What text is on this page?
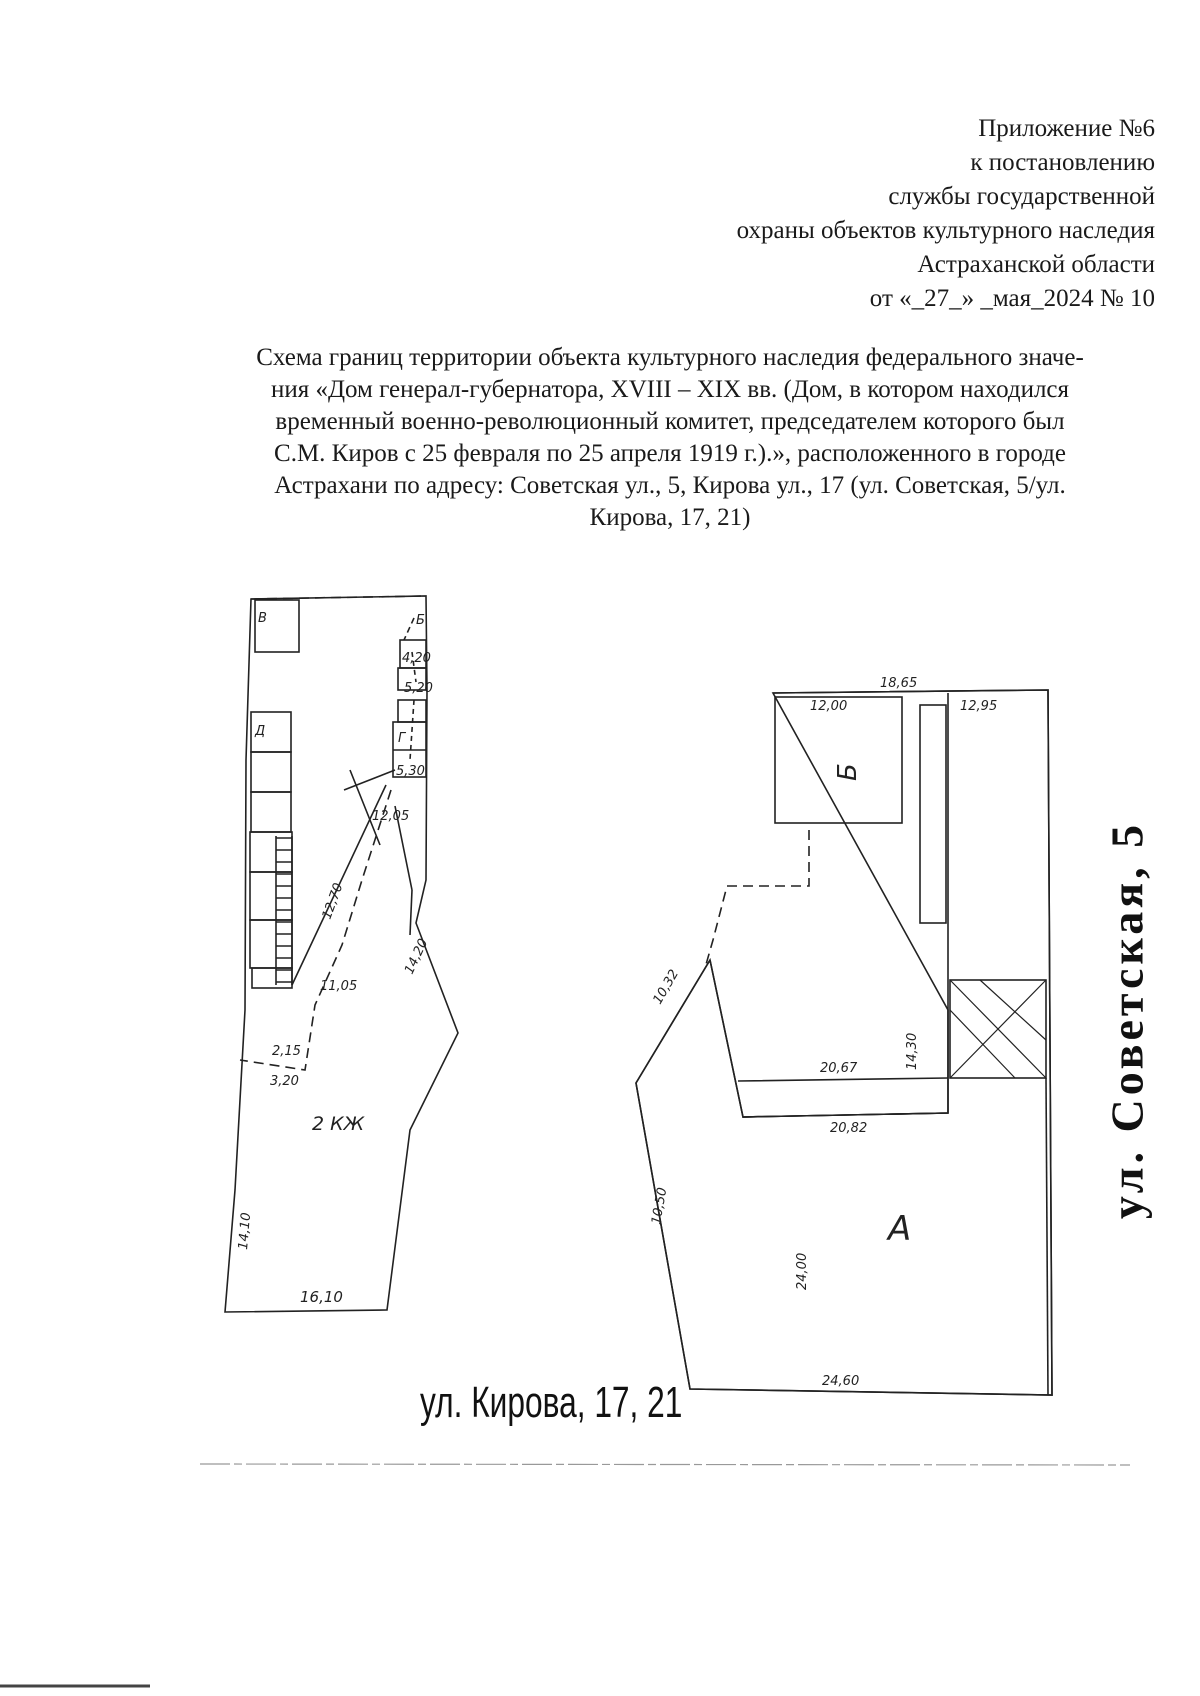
Приложение №6
к постановлению
службы государственной
охраны объектов культурного наследия
Астраханской области
от «_27_» _мая_2024 № 10
Схема границ территории объекта культурного наследия федерального значе-
ния «Дом генерал-губернатора, XVIII – XIX вв. (Дом, в котором находился
временный военно-революционный комитет, председателем которого был
С.М. Киров с 25 февраля по 25 апреля 1919 г.).», расположенного в городе
Астрахани по адресу: Советская ул., 5, Кирова ул., 17 (ул. Советская, 5/ул.
Кирова, 17, 21)
В	Б
Д	Г
4,20
5,20
5,30
12,05
11,05
2,15
3,20
12,70
14,20
14,10
16,10
2 КЖ
18,65
12,00	12,95
20,67
20,82
24,60
14,30
24,00
10,32
10,50
Б
А
ул. Кирова, 17, 21
ул. Советская, 5
